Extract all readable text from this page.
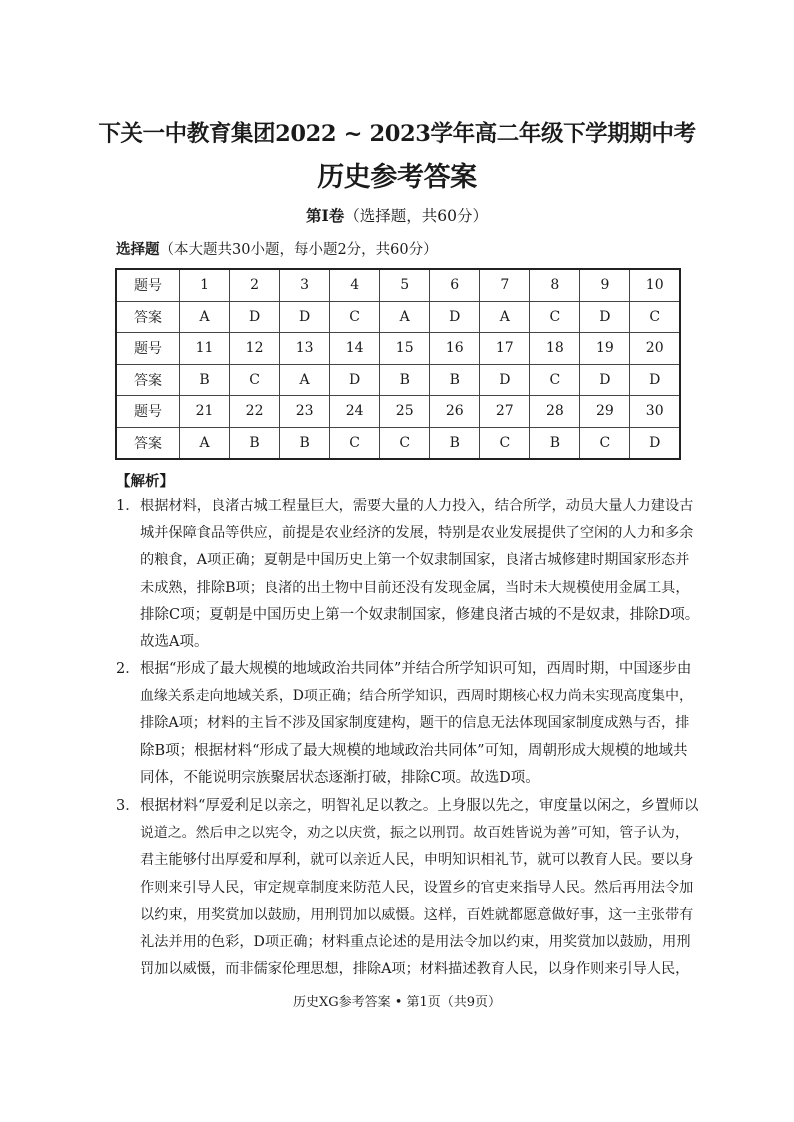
下关一中教育集团2022 ~ 2023学年高二年级下学期期中考
历史参考答案
第Ⅰ卷（选择题，共60分）
选择题（本大题共30小题，每小题2分，共60分）
题号	1	2	3	4	5	6	7	8	9	10
答案	A	D	D	C	A	D	A	C	D	C
题号	11	12	13	14	15	16	17	18	19	20
答案	B	C	A	D	B	B	D	C	D	D
题号	21	22	23	24	25	26	27	28	29	30
答案	A	B	B	C	C	B	C	B	C	D
【解析】
1． 根据材料，良渚古城工程量巨大，需要大量的人力投入，结合所学，动员大量人力建设古
城并保障食品等供应，前提是农业经济的发展，特别是农业发展提供了空闲的人力和多余
的粮食，A项正确；夏朝是中国历史上第一个奴隶制国家，良渚古城修建时期国家形态并
未成熟，排除B项；良渚的出土物中目前还没有发现金属，当时未大规模使用金属工具，
排除C项；夏朝是中国历史上第一个奴隶制国家，修建良渚古城的不是奴隶，排除D项。
故选A项。
2． 根据“形成了最大规模的地域政治共同体”并结合所学知识可知，西周时期，中国逐步由
血缘关系走向地域关系，D项正确；结合所学知识，西周时期核心权力尚未实现高度集中，
排除A项；材料的主旨不涉及国家制度建构，题干的信息无法体现国家制度成熟与否，排
除B项；根据材料“形成了最大规模的地域政治共同体”可知，周朝形成大规模的地域共
同体，不能说明宗族聚居状态逐渐打破，排除C项。故选D项。
3． 根据材料“厚爱利足以亲之，明智礼足以教之。上身服以先之，审度量以闲之，乡置师以
说道之。然后申之以宪令，劝之以庆赏，振之以刑罚。故百姓皆说为善”可知，管子认为，
君主能够付出厚爱和厚利，就可以亲近人民，申明知识相礼节，就可以教育人民。要以身
作则来引导人民，审定规章制度来防范人民，设置乡的官吏来指导人民。然后再用法令加
以约束，用奖赏加以鼓励，用刑罚加以威慑。这样，百姓就都愿意做好事，这一主张带有
礼法并用的色彩，D项正确；材料重点论述的是用法令加以约束，用奖赏加以鼓励，用刑
罚加以威慑，而非儒家伦理思想，排除A项；材料描述教育人民，以身作则来引导人民，
历史XG参考答案 • 第1页（共9页）
